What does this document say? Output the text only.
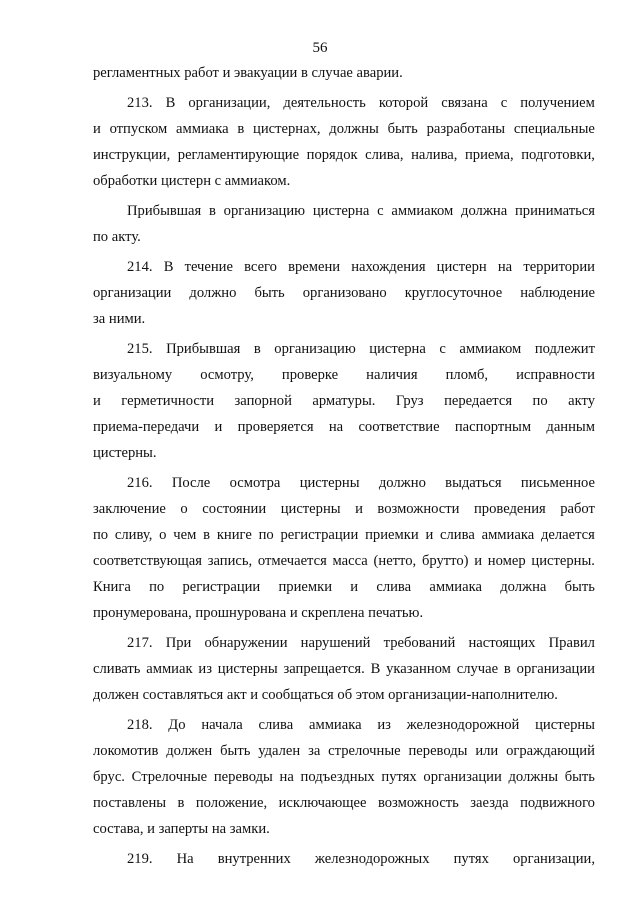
56
регламентных работ и эвакуации в случае аварии.
213. В организации, деятельность которой связана с получением
и отпуском аммиака в цистернах, должны быть разработаны специальные
инструкции, регламентирующие порядок слива, налива, приема, подготовки,
обработки цистерн с аммиаком.
Прибывшая в организацию цистерна с аммиаком должна приниматься
по акту.
214. В течение всего времени нахождения цистерн на территории
организации должно быть организовано круглосуточное наблюдение
за ними.
215. Прибывшая в организацию цистерна с аммиаком подлежит
визуальному осмотру, проверке наличия пломб, исправности
и герметичности запорной арматуры. Груз передается по акту
приема-передачи и проверяется на соответствие паспортным данным
цистерны.
216. После осмотра цистерны должно выдаться письменное
заключение о состоянии цистерны и возможности проведения работ
по сливу, о чем в книге по регистрации приемки и слива аммиака делается
соответствующая запись, отмечается масса (нетто, брутто) и номер цистерны.
Книга по регистрации приемки и слива аммиака должна быть
пронумерована, прошнурована и скреплена печатью.
217. При обнаружении нарушений требований настоящих Правил
сливать аммиак из цистерны запрещается. В указанном случае в организации
должен составляться акт и сообщаться об этом организации-наполнителю.
218. До начала слива аммиака из железнодорожной цистерны
локомотив должен быть удален за стрелочные переводы или ограждающий
брус. Стрелочные переводы на подъездных путях организации должны быть
поставлены в положение, исключающее возможность заезда подвижного
состава, и заперты на замки.
219. На внутренних железнодорожных путях организации,
